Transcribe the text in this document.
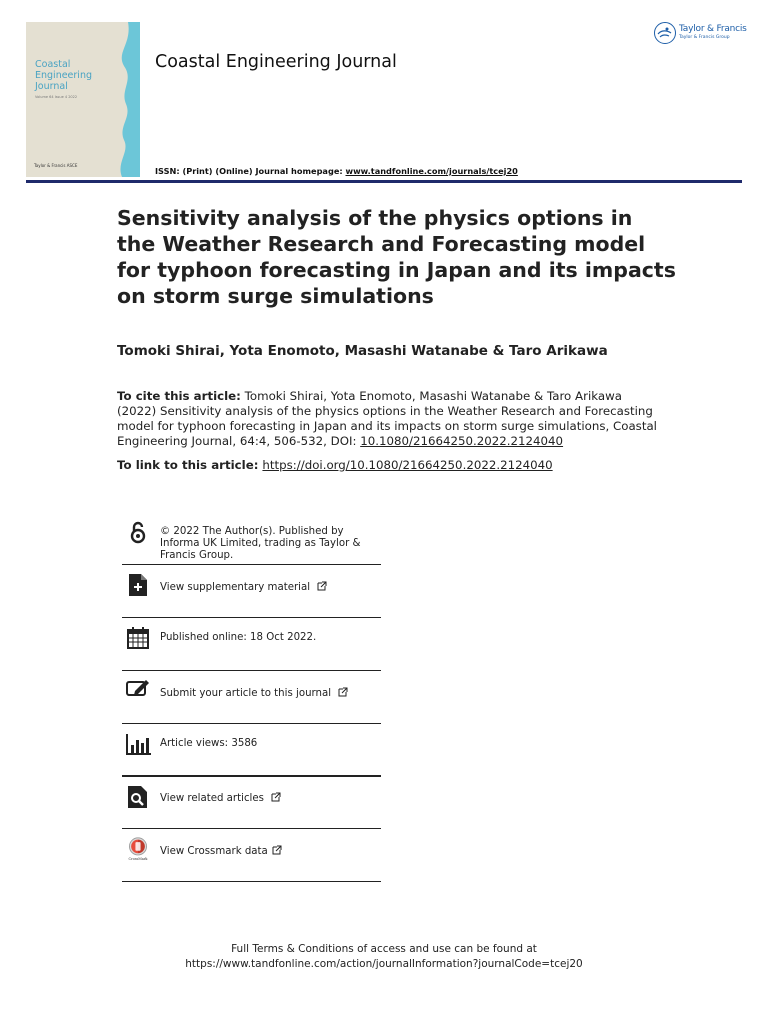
Coastal
Engineering
Journal
Volume 64 Issue 4 2022
Taylor & Francis ASCE
Coastal Engineering Journal
ISSN: (Print) (Online) Journal homepage: www.tandfonline.com/journals/tcej20
Taylor & Francis
Taylor & Francis Group
Sensitivity analysis of the physics options in the Weather Research and Forecasting model for typhoon forecasting in Japan and its impacts on storm surge simulations
Tomoki Shirai, Yota Enomoto, Masashi Watanabe & Taro Arikawa
To cite this article: Tomoki Shirai, Yota Enomoto, Masashi Watanabe & Taro Arikawa (2022) Sensitivity analysis of the physics options in the Weather Research and Forecasting model for typhoon forecasting in Japan and its impacts on storm surge simulations, Coastal Engineering Journal, 64:4, 506-532, DOI: 10.1080/21664250.2022.2124040
To link to this article: https://doi.org/10.1080/21664250.2022.2124040
© 2022 The Author(s). Published by Informa UK Limited, trading as Taylor & Francis Group.
View supplementary material
Published online: 18 Oct 2022.
Submit your article to this journal
Article views: 3586
View related articles
CrossMark
View Crossmark data
Full Terms & Conditions of access and use can be found at
https://www.tandfonline.com/action/journalInformation?journalCode=tcej20
